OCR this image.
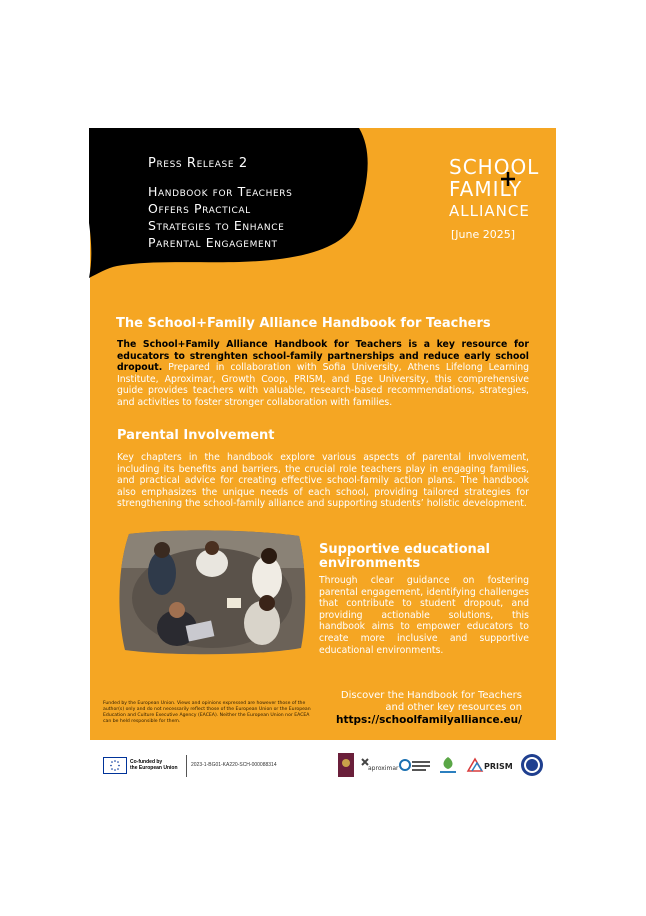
Press Release 2
Handbook for Teachers
Offers Practical
Strategies to Enhance
Parental Engagement
SCHOOL
FAMILY
ALLIANCE
[June 2025]
The School+Family Alliance Handbook for Teachers
The School+Family Alliance Handbook for Teachers is a key resource for educators to strenghten school-family partnerships and reduce early school dropout. Prepared in collaboration with Sofia University, Athens Lifelong Learning Institute, Aproximar, Growth Coop, PRISM, and Ege University, this comprehensive guide provides teachers with valuable, research-based recommendations, strategies, and activities to foster stronger collaboration with families.
Parental Involvement
Key chapters in the handbook explore various aspects of parental involvement, including its benefits and barriers, the crucial role teachers play in engaging families, and practical advice for creating effective school-family action plans. The handbook also emphasizes the unique needs of each school, providing tailored strategies for strengthening the school-family alliance and supporting students’ holistic development.
Supportive educational environments
Through clear guidance on fostering parental engagement, identifying challenges that contribute to student dropout, and providing actionable solutions, this handbook aims to empower educators to create more inclusive and supportive educational environments.
Funded by the European Union. Views and opinions expressed are however those of the author(s) only and do not necessarily reflect those of the European Union or the European Education and Culture Executive Agency (EACEA). Neither the European Union nor EACEA can be held responsible for them.
Discover the Handbook for Teachers
and other key resources on
https://schoolfamilyalliance.eu/
Co-funded by
the European Union	2023-1-BG01-KA220-SCH-000088314	aproximar	PRISM
